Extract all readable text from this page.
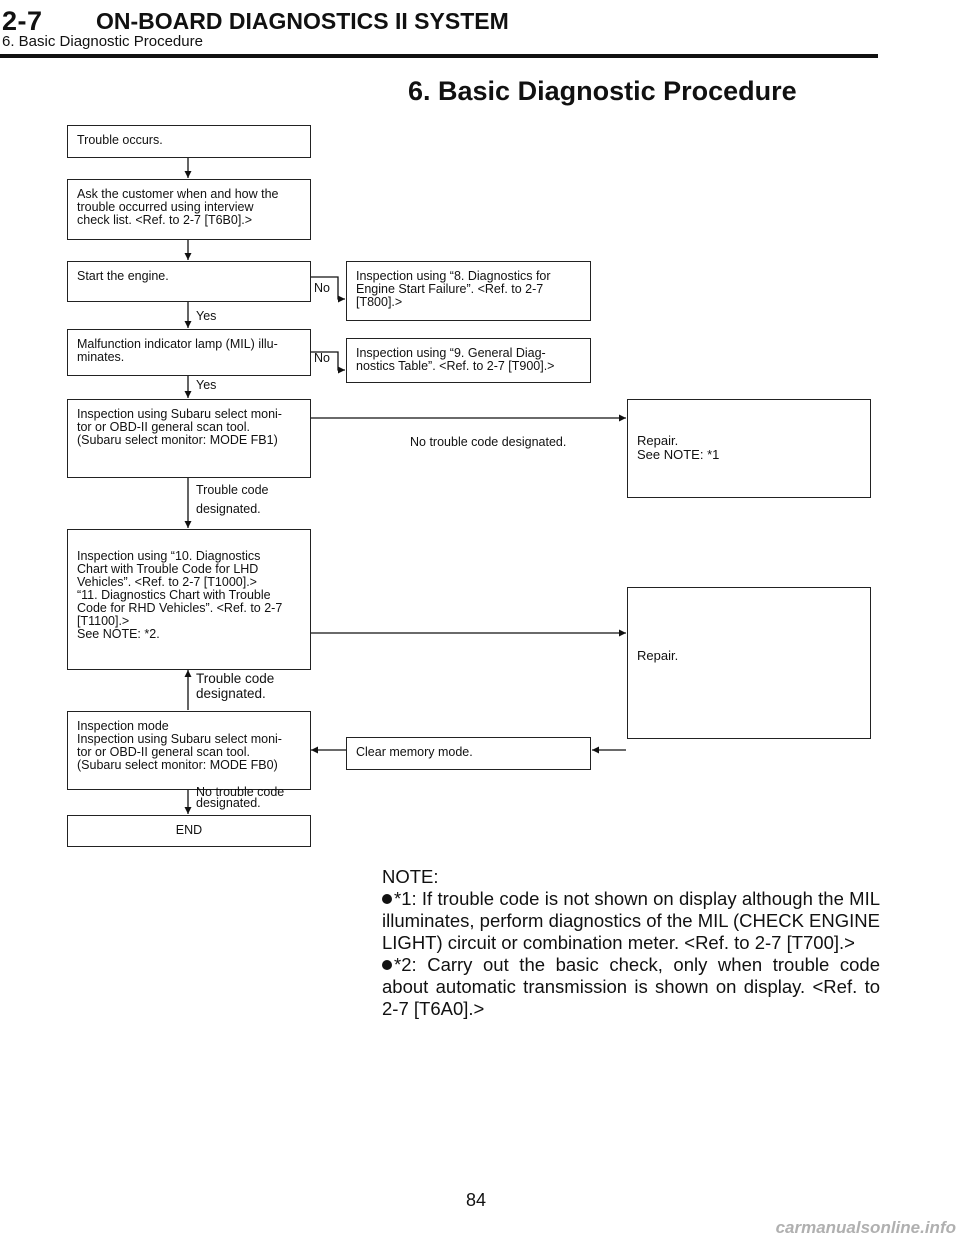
2-7 ON-BOARD DIAGNOSTICS II SYSTEM
6. Basic Diagnostic Procedure
6. Basic Diagnostic Procedure
Trouble occurs.
Ask the customer when and how the
trouble occurred using interview
check list. <Ref. to 2-7 [T6B0].>
Start the engine.	Inspection using “8. Diagnostics for
Engine Start Failure”. <Ref. to 2-7
[T800].>
Malfunction indicator lamp (MIL) illu-
minates.	Inspection using “9. General Diag-
nostics Table”. <Ref. to 2-7 [T900].>
Inspection using Subaru select moni-
tor or OBD-II general scan tool.
(Subaru select monitor: MODE FB1)	Repair.
See NOTE: *1
Inspection using “10. Diagnostics
Chart with Trouble Code for LHD
Vehicles”. <Ref. to 2-7 [T1000].>
“11. Diagnostics Chart with Trouble
Code for RHD Vehicles”. <Ref. to 2-7
[T1100].>
See NOTE: *2.
Repair.
Inspection mode
Inspection using Subaru select moni-
tor or OBD-II general scan tool.
(Subaru select monitor: MODE FB0)
Clear memory mode.
END
No
Yes
No
Yes
No trouble code designated.
Trouble code
designated.
Trouble code
designated.
No trouble code
designated.
NOTE:
*1: If trouble code is not shown on display although the MIL illuminates, perform diagnostics of the MIL (CHECK ENGINE LIGHT) circuit or combination meter. <Ref. to 2-7 [T700].>
*2: Carry out the basic check, only when trouble code about automatic transmission is shown on display. <Ref. to 2-7 [T6A0].>
84
carmanualsonline.info
